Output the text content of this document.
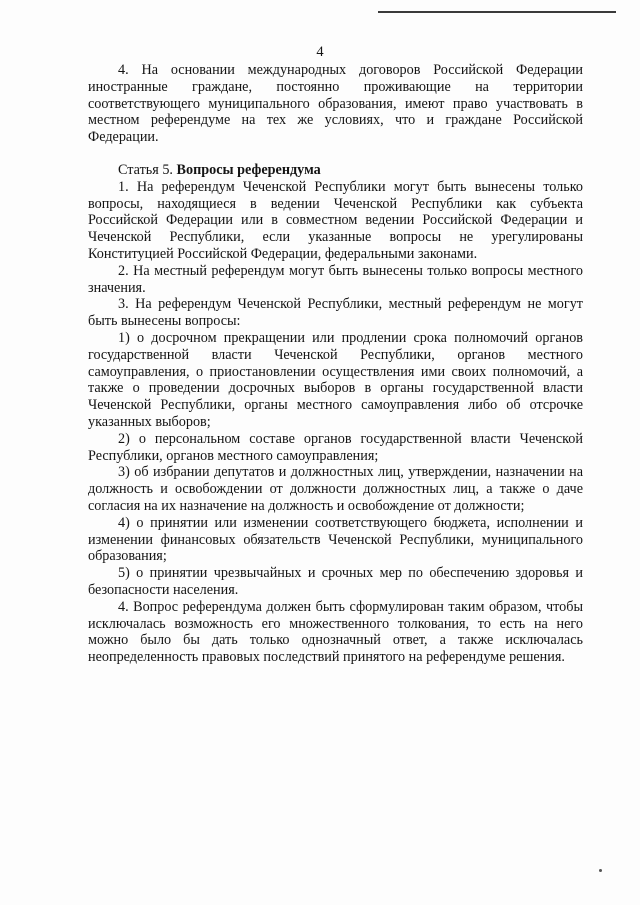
4

4. На основании международных договоров Российской Федерации иностранные граждане, постоянно проживающие на территории соответствующего муниципального образования, имеют право участвовать в местном референдуме на тех же условиях, что и граждане Российской Федерации.

Статья 5. Вопросы референдума

1. На референдум Чеченской Республики могут быть вынесены только вопросы, находящиеся в ведении Чеченской Республики как субъекта Российской Федерации или в совместном ведении Российской Федерации и Чеченской Республики, если указанные вопросы не урегулированы Конституцией Российской Федерации, федеральными законами.

2. На местный референдум могут быть вынесены только вопросы местного значения.

3. На референдум Чеченской Республики, местный референдум не могут быть вынесены вопросы:

1) о досрочном прекращении или продлении срока полномочий органов государственной власти Чеченской Республики, органов местного самоуправления, о приостановлении осуществления ими своих полномочий, а также о проведении досрочных выборов в органы государственной власти Чеченской Республики, органы местного самоуправления либо об отсрочке указанных выборов;

2) о персональном составе органов государственной власти Чеченской Республики, органов местного самоуправления;

3) об избрании депутатов и должностных лиц, утверждении, назначении на должность и освобождении от должности должностных лиц, а также о даче согласия на их назначение на должность и освобождение от должности;

4) о принятии или изменении соответствующего бюджета, исполнении и изменении финансовых обязательств Чеченской Республики, муниципального образования;

5) о принятии чрезвычайных и срочных мер по обеспечению здоровья и безопасности населения.

4. Вопрос референдума должен быть сформулирован таким образом, чтобы исключалась возможность его множественного толкования, то есть на него можно было бы дать только однозначный ответ, а также исключалась неопределенность правовых последствий принятого на референдуме решения.
